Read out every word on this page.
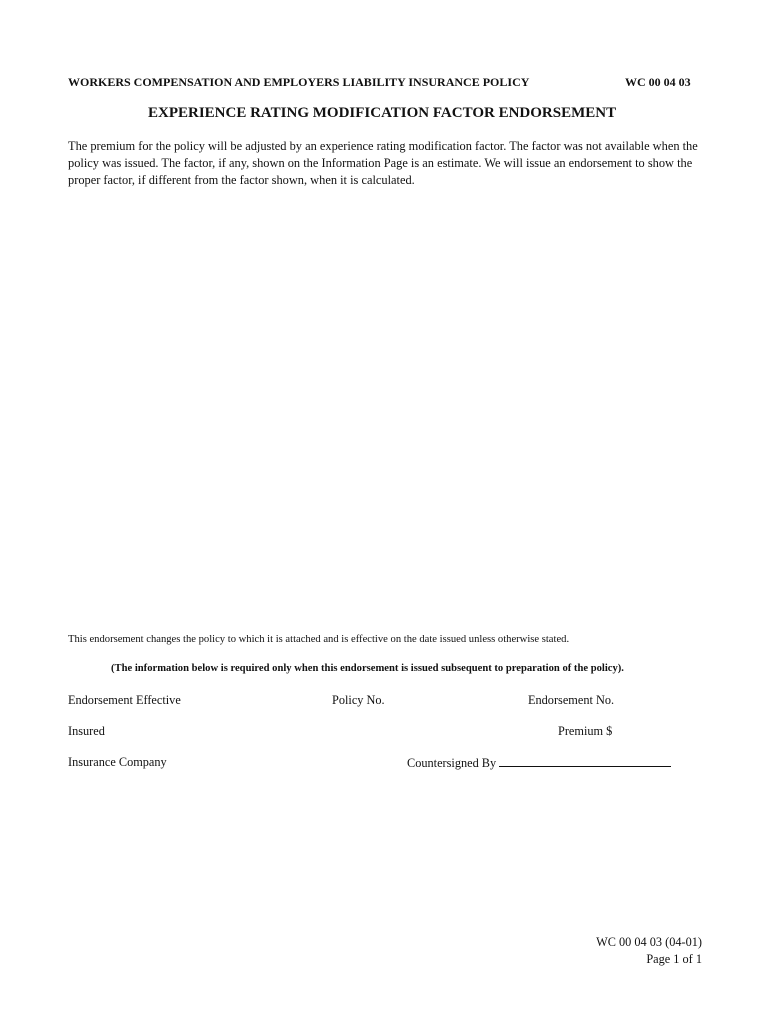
WORKERS COMPENSATION AND EMPLOYERS LIABILITY INSURANCE POLICY	WC 00 04 03
EXPERIENCE RATING MODIFICATION FACTOR ENDORSEMENT
The premium for the policy will be adjusted by an experience rating modification factor. The factor was not available when the policy was issued. The factor, if any, shown on the Information Page is an estimate. We will issue an endorsement to show the proper factor, if different from the factor shown, when it is calculated.
This endorsement changes the policy to which it is attached and is effective on the date issued unless otherwise stated.
(The information below is required only when this endorsement is issued subsequent to preparation of the policy).
Endorsement Effective	Policy No.	Endorsement No.
Insured	Premium $
Insurance Company	Countersigned By
WC 00 04 03 (04-01)
Page 1 of 1
